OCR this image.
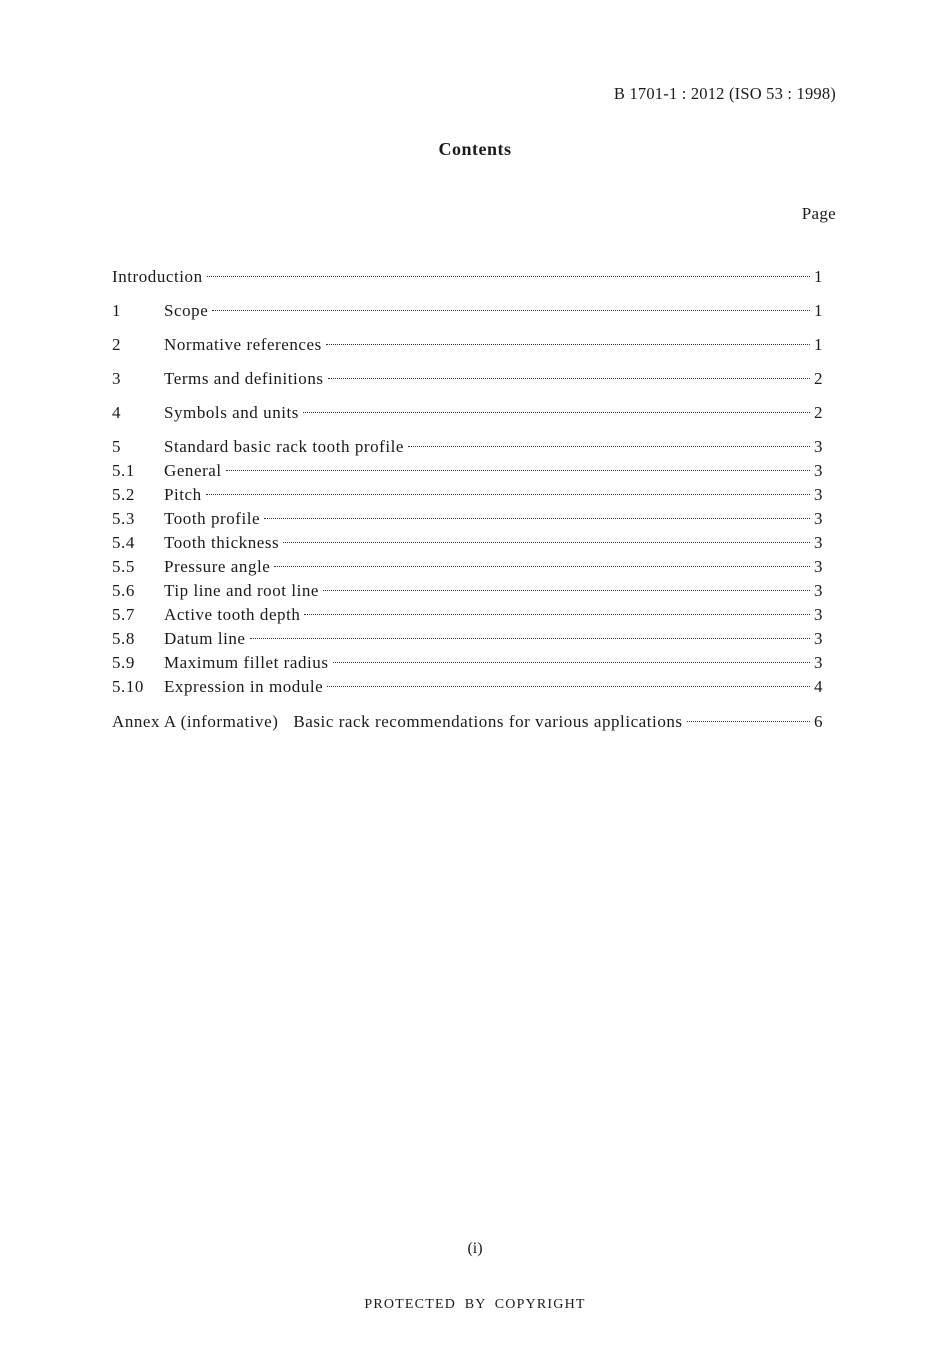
B 1701-1 : 2012 (ISO 53 : 1998)
Contents
Page
Introduction	1
1	Scope	1
2	Normative references	1
3	Terms and definitions	2
4	Symbols and units	2
5	Standard basic rack tooth profile	3
5.1	General	3
5.2	Pitch	3
5.3	Tooth profile	3
5.4	Tooth thickness	3
5.5	Pressure angle	3
5.6	Tip line and root line	3
5.7	Active tooth depth	3
5.8	Datum line	3
5.9	Maximum fillet radius	3
5.10	Expression in module	4
Annex A (informative) Basic rack recommendations for various applications	6
(i)
PROTECTED BY COPYRIGHT
